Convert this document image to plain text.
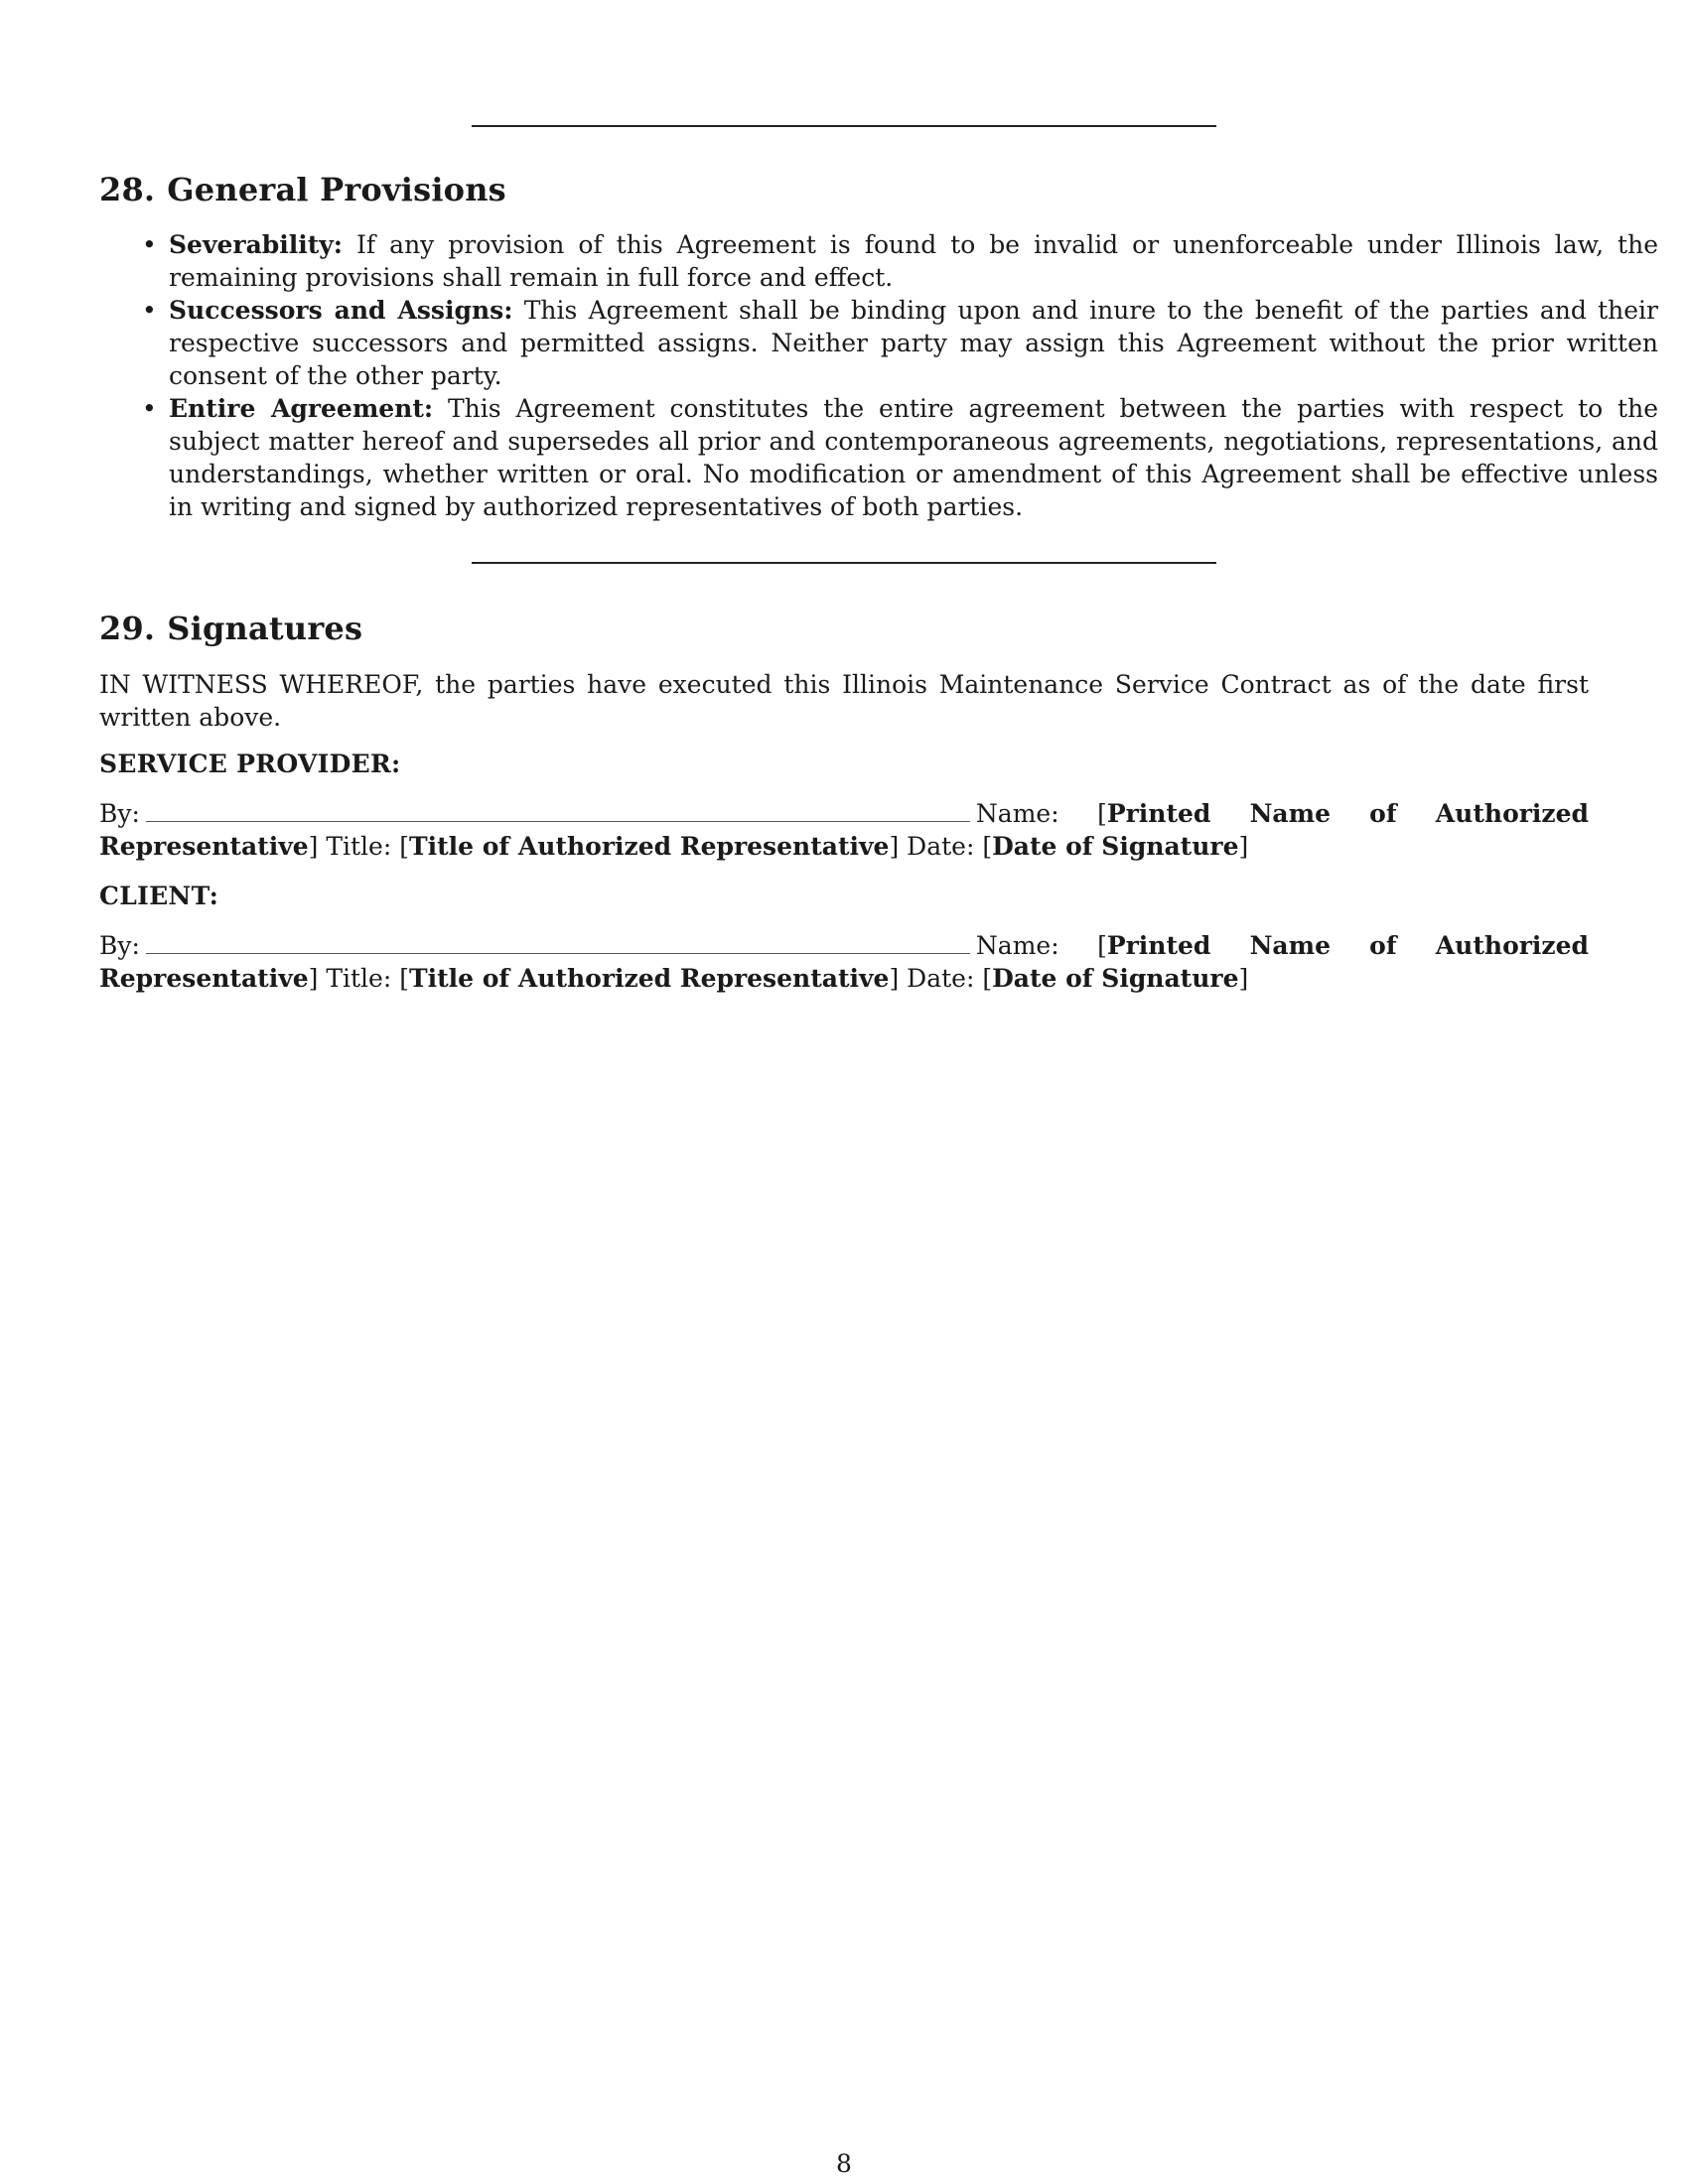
28. General Provisions
• Severability: If any provision of this Agreement is found to be invalid or unenforceable under Illinois law, the remaining provisions shall remain in full force and effect.
• Successors and Assigns: This Agreement shall be binding upon and inure to the benefit of the parties and their respective successors and permitted assigns. Neither party may assign this Agreement without the prior written consent of the other party.
• Entire Agreement: This Agreement constitutes the entire agreement between the parties with respect to the subject matter hereof and supersedes all prior and contemporaneous agreements, negotiations, representations, and understandings, whether written or oral. No modification or amendment of this Agreement shall be effective unless in writing and signed by authorized representatives of both parties.
29. Signatures

IN WITNESS WHEREOF, the parties have executed this Illinois Maintenance Service Contract as of the date first written above.

SERVICE PROVIDER:

By:	Name: [Printed Name of Authorized Representative] Title: [Title of Authorized Representative] Date: [Date of Signature]

CLIENT:

By:	Name: [Printed Name of Authorized Representative] Title: [Title of Authorized Representative] Date: [Date of Signature]
8
